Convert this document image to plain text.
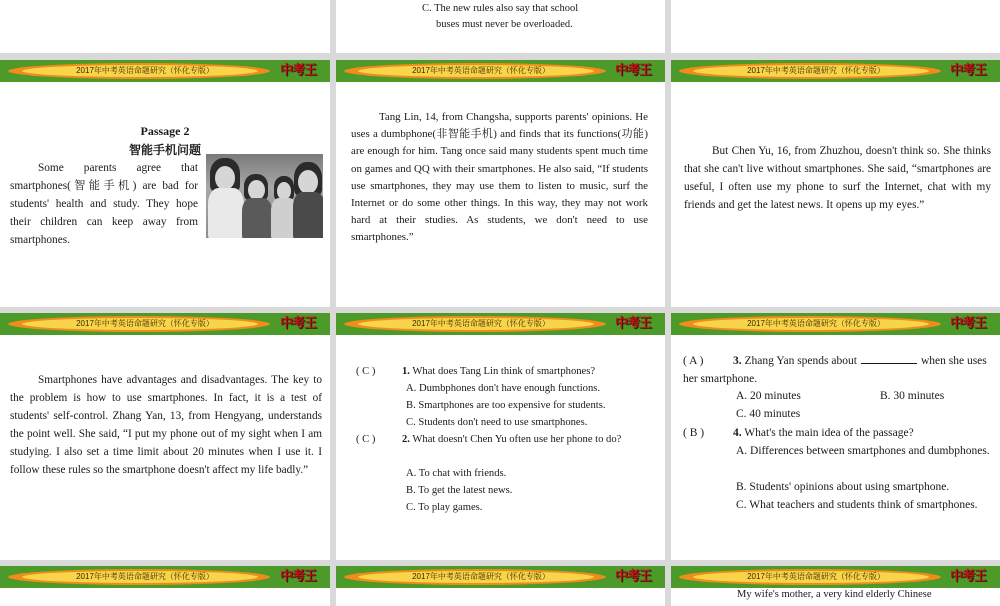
C. The new rules also say that school
buses must never be overloaded.
2017年中考英语命题研究（怀化专版）	中考王
Passage 2
智能手机问题
Some parents agree that smartphones(智能手机) are bad for students' health and study. They hope their children can keep away from smartphones.
2017年中考英语命题研究（怀化专版）	中考王
Tang Lin, 14, from Changsha, supports parents' opinions. He uses a dumbphone(非智能手机) and finds that its functions(功能) are enough for him. Tang once said many students spent much time on games and QQ with their smartphones. He also said, “If students use smartphones, they may use them to listen to music, surf the Internet or do some other things. In this way, they may not work hard at their studies. As students, we don't need to use smartphones.”
2017年中考英语命题研究（怀化专版）	中考王
But Chen Yu, 16, from Zhuzhou, doesn't think so. She thinks that she can't live without smartphones. She said, “smartphones are useful, I often use my phone to surf the Internet, chat with my friends and get the latest news. It opens up my eyes.”
2017年中考英语命题研究（怀化专版）	中考王
Smartphones have advantages and disadvantages. The key to the problem is how to use smartphones. In fact, it is a test of students' self-control. Zhang Yan, 13, from Hengyang, understands the point well. She said, “I put my phone out of my sight when I am studying. I also set a time limit about 20 minutes when I use it. I follow these rules so the smartphone doesn't affect my life badly.”
2017年中考英语命题研究（怀化专版）	中考王
( C )	1. What does Tang Lin think of smartphones?
A. Dumbphones don't have enough functions.
B. Smartphones are too expensive for students.
C. Students don't need to use smartphones.
( C )	2. What doesn't Chen Yu often use her phone to do?
A. To chat with friends.
B. To get the latest news.
C. To play games.
2017年中考英语命题研究（怀化专版）	中考王
( A )	3. Zhang Yan spends about	when she uses her smartphone.
A. 20 minutes	B. 30 minutes
C. 40 minutes
( B )	4. What's the main idea of the passage?
A. Differences between smartphones and dumbphones.
B. Students' opinions about using smartphone.
C. What teachers and students think of smartphones.
2017年中考英语命题研究（怀化专版）	中考王	2017年中考英语命题研究（怀化专版）	中考王	2017年中考英语命题研究（怀化专版）	中考王
My wife's mother, a very kind elderly Chinese
